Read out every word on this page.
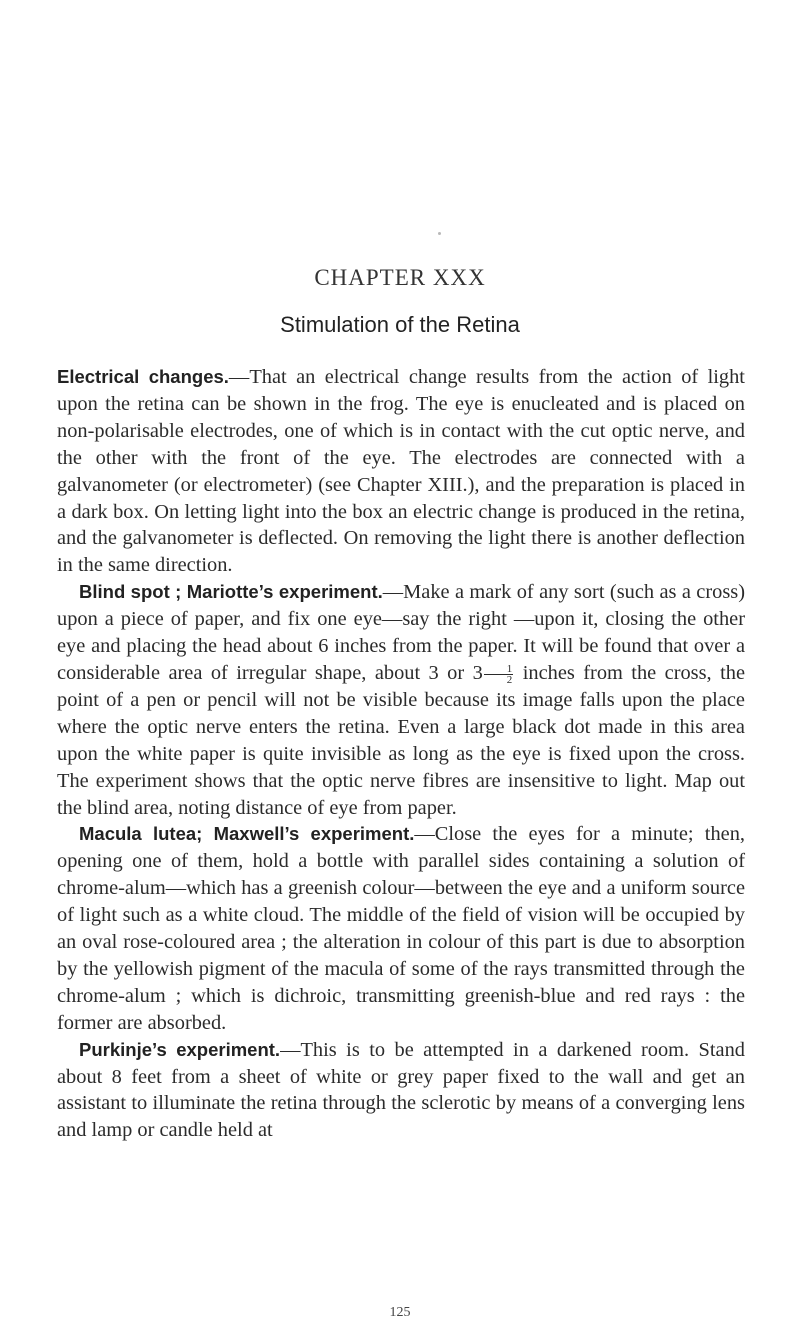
CHAPTER XXX
Stimulation of the Retina

Electrical changes.—That an electrical change results from the action of light upon the retina can be shown in the frog. The eye is enucleated and is placed on non-polarisable electrodes, one of which is in contact with the cut optic nerve, and the other with the front of the eye. The electrodes are connected with a galvanometer (or electrometer) (see Chapter XIII.), and the preparation is placed in a dark box. On letting light into the box an electric change is produced in the retina, and the galvanometer is deflected. On removing the light there is another deflection in the same direction.

Blind spot ; Mariotte’s experiment.—Make a mark of any sort (such as a cross) upon a piece of paper, and fix one eye—say the right —upon it, closing the other eye and placing the head about 6 inches from the paper. It will be found that over a considerable area of irregular shape, about 3 or $3 \frac{1}{2}$ inches from the cross, the point of a pen or pencil will not be visible because its image falls upon the place where the optic nerve enters the retina. Even a large black dot made in this area upon the white paper is quite invisible as long as the eye is fixed upon the cross. The experiment shows that the optic nerve fibres are insensitive to light. Map out the blind area, noting distance of eye from paper.

Macula lutea; Maxwell’s experiment.—Close the eyes for a minute; then, opening one of them, hold a bottle with parallel sides containing a solution of chrome-alum—which has a greenish colour—between the eye and a uniform source of light such as a white cloud. The middle of the field of vision will be occupied by an oval rose-coloured area ; the alteration in colour of this part is due to absorption by the yellowish pigment of the macula of some of the rays transmitted through the chrome-alum ; which is dichroic, transmitting greenish-blue and red rays : the former are absorbed.

Purkinje’s experiment.—This is to be attempted in a darkened room. Stand about 8 feet from a sheet of white or grey paper fixed to the wall and get an assistant to illuminate the retina through the sclerotic by means of a converging lens and lamp or candle held at

125
